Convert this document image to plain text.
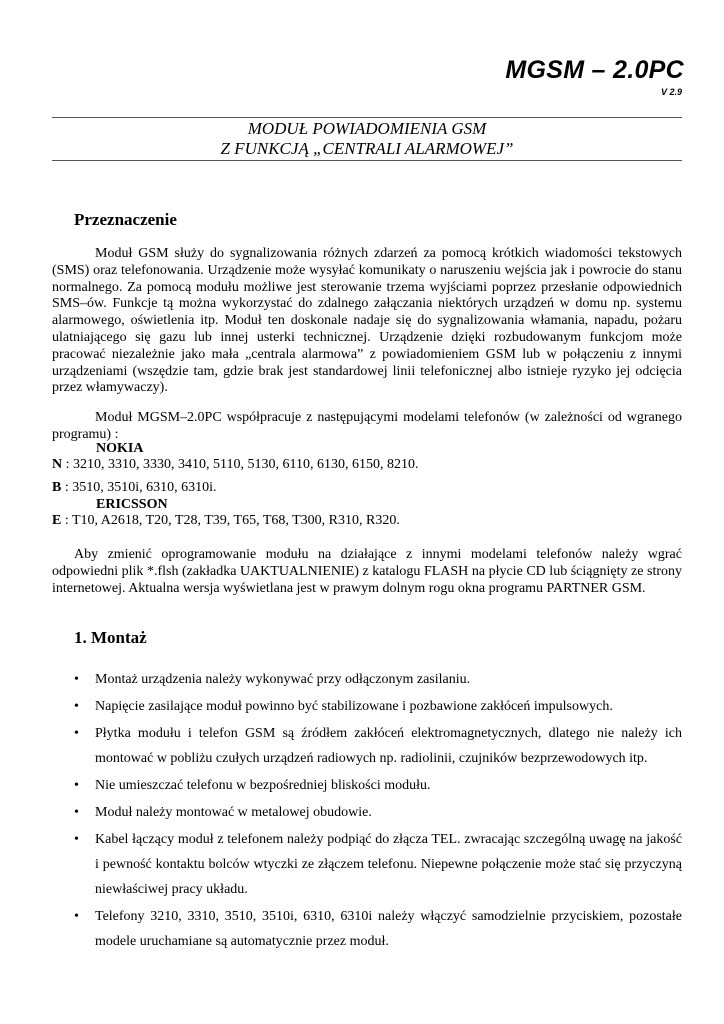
MGSM – 2.0PC
V 2.9
MODUŁ POWIADOMIENIA GSM
Z FUNKCJĄ „CENTRALI ALARMOWEJ”
Przeznaczenie
Moduł GSM służy do sygnalizowania różnych zdarzeń za pomocą krótkich wiadomości tekstowych (SMS) oraz telefonowania. Urządzenie może wysyłać komunikaty o naruszeniu wejścia jak i powrocie do stanu normalnego. Za pomocą modułu możliwe jest sterowanie trzema wyjściami poprzez przesłanie odpowiednich SMS–ów. Funkcje tą można wykorzystać do zdalnego załączania niektórych urządzeń w domu np. systemu alarmowego, oświetlenia itp. Moduł ten doskonale nadaje się do sygnalizowania włamania, napadu, pożaru ulatniającego się gazu lub innej usterki technicznej. Urządzenie dzięki rozbudowanym funkcjom może pracować niezależnie jako mała „centrala alarmowa” z powiadomieniem GSM lub w połączeniu z innymi urządzeniami (wszędzie tam, gdzie brak jest standardowej linii telefonicznej albo istnieje ryzyko jej odcięcia przez włamywaczy).
Moduł MGSM–2.0PC współpracuje z następującymi modelami telefonów (w zależności od wgranego programu) :
NOKIA
N : 3210, 3310, 3330, 3410, 5110, 5130, 6110, 6130, 6150, 8210.
B : 3510, 3510i, 6310, 6310i.
ERICSSON
E : T10, A2618, T20, T28, T39, T65, T68, T300, R310, R320.
Aby zmienić oprogramowanie modułu na działające z innymi modelami telefonów należy wgrać odpowiedni plik *.flsh (zakładka UAKTUALNIENIE) z katalogu FLASH na płycie CD lub ściągnięty ze strony internetowej. Aktualna wersja wyświetlana jest w prawym dolnym rogu okna programu PARTNER GSM.
1. Montaż
• Montaż urządzenia należy wykonywać przy odłączonym zasilaniu.
• Napięcie zasilające moduł powinno być stabilizowane i pozbawione zakłóceń impulsowych.
• Płytka modułu i telefon GSM są źródłem zakłóceń elektromagnetycznych, dlatego nie należy ich montować w pobliżu czułych urządzeń radiowych np. radiolinii, czujników bezprzewodowych itp.
• Nie umieszczać telefonu w bezpośredniej bliskości modułu.
• Moduł należy montować w metalowej obudowie.
• Kabel łączący moduł z telefonem należy podpiąć do złącza TEL. zwracając szczególną uwagę na jakość i pewność kontaktu bolców wtyczki ze złączem telefonu. Niepewne połączenie może stać się przyczyną niewłaściwej pracy układu.
• Telefony 3210, 3310, 3510, 3510i, 6310, 6310i należy włączyć samodzielnie przyciskiem, pozostałe modele uruchamiane są automatycznie przez moduł.
